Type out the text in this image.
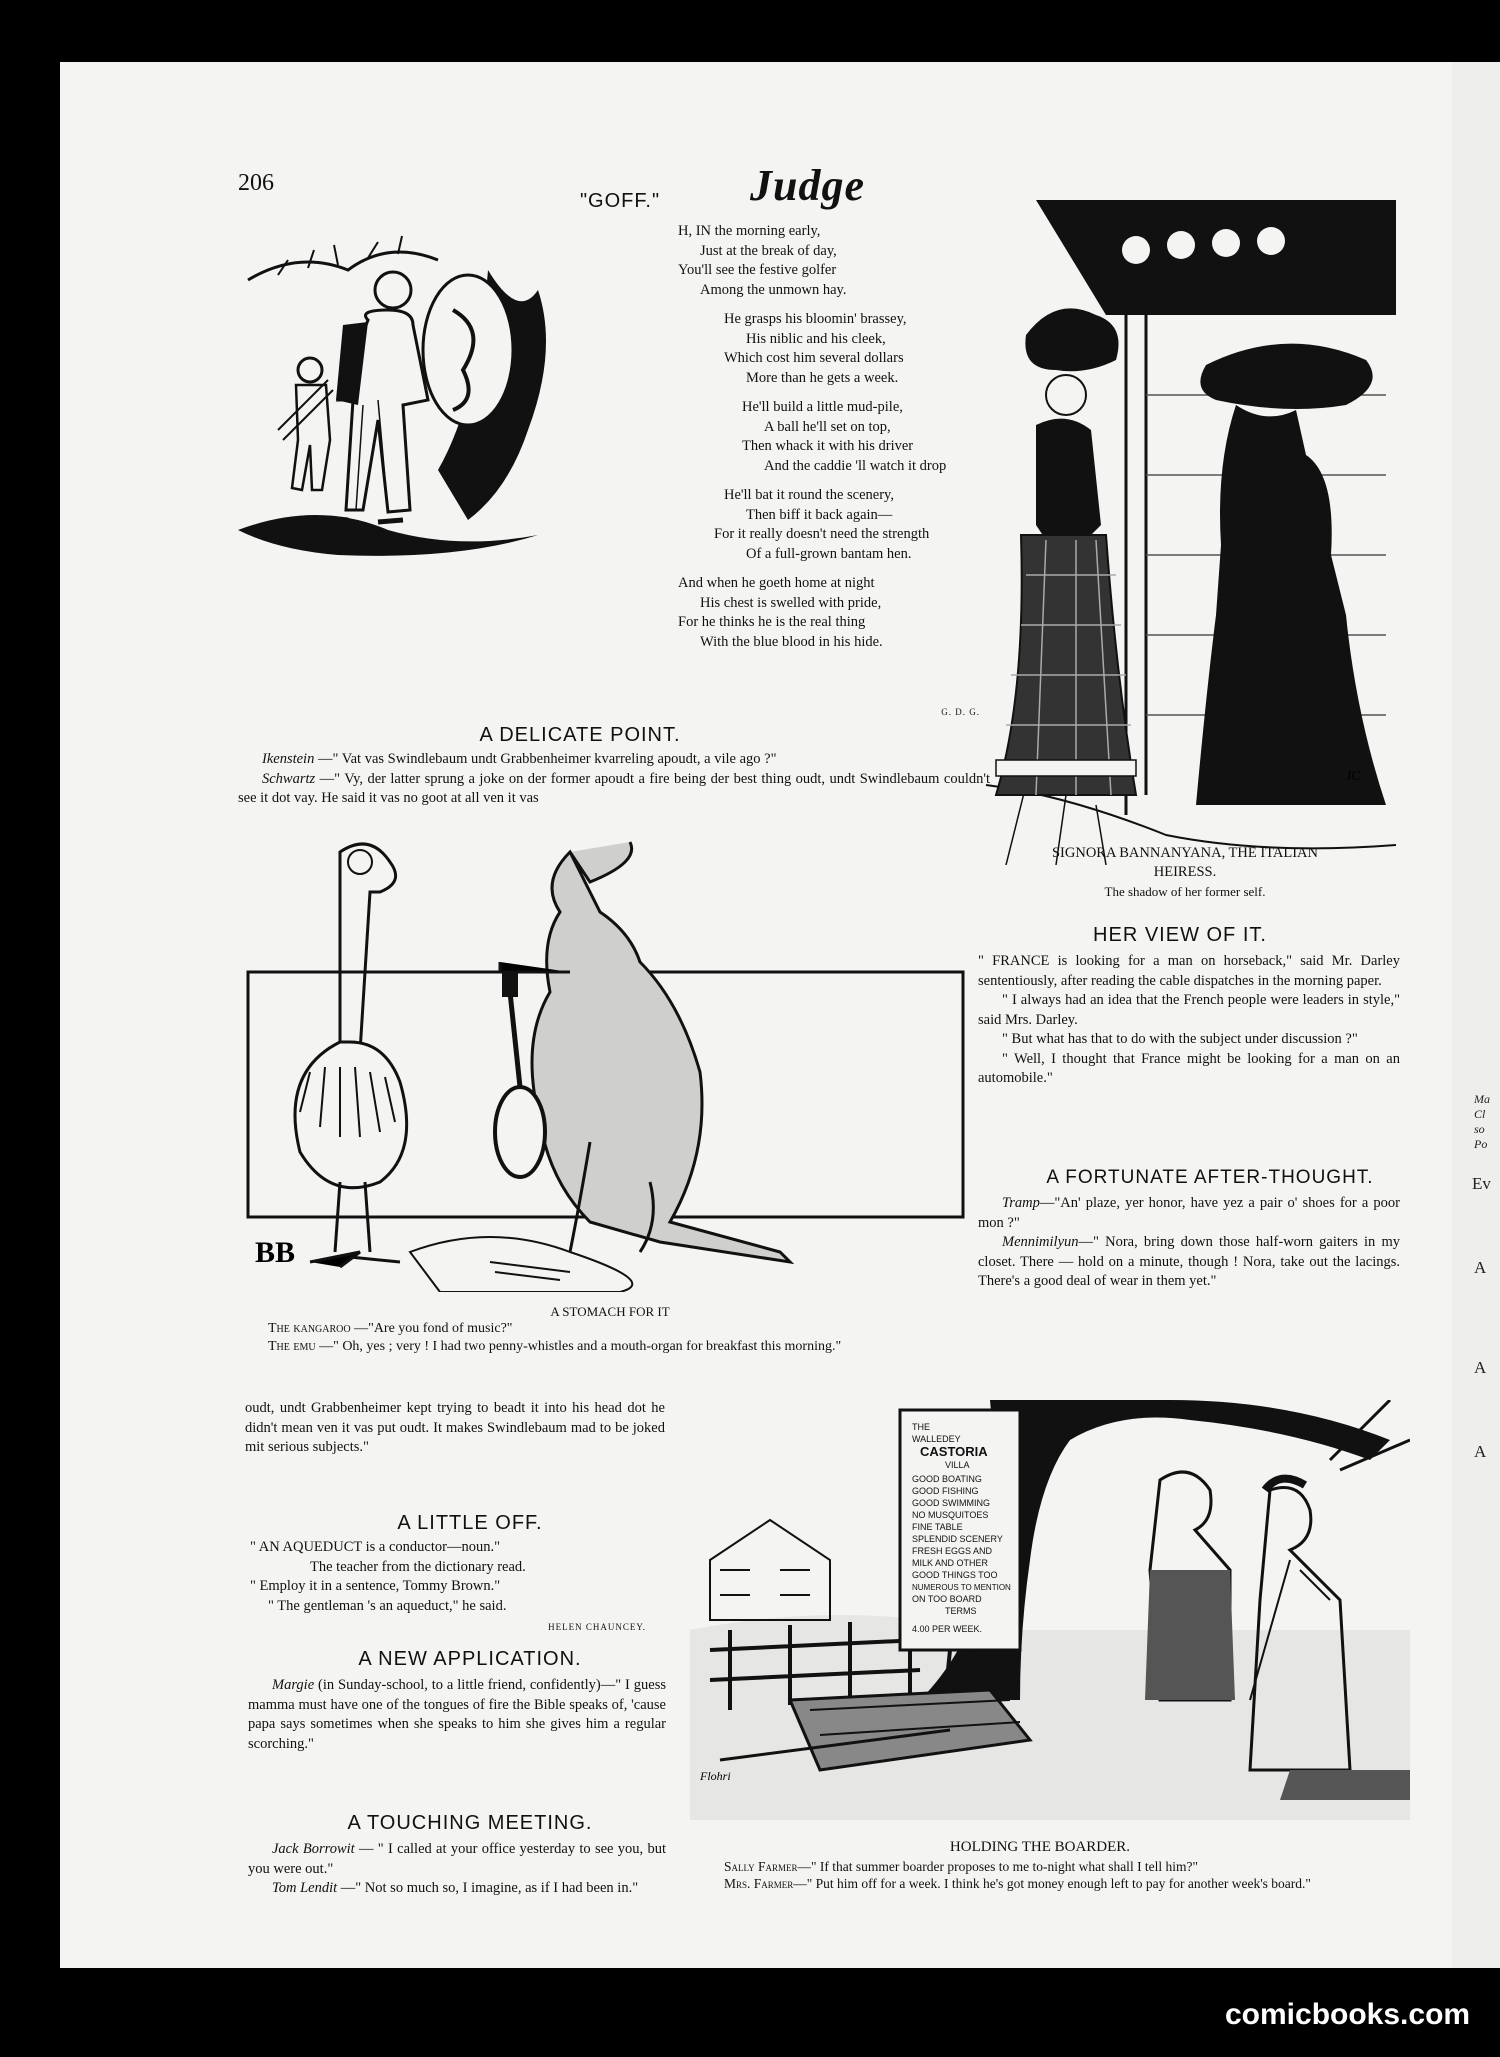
206	Judge
"GOFF."
H, IN the morning early,
Just at the break of day,
You'll see the festive golfer
Among the unmown hay.
He grasps his bloomin' brassey,
His niblic and his cleek,
Which cost him several dollars
More than he gets a week.
He'll build a little mud-pile,
A ball he'll set on top,
Then whack it with his driver
And the caddie 'll watch it drop
He'll bat it round the scenery,
Then biff it back again—
For it really doesn't need the strength
Of a full-grown bantam hen.
And when he goeth home at night
His chest is swelled with pride,
For he thinks he is the real thing
With the blue blood in his hide.
G. D. G.
A DELICATE POINT.

Ikenstein —" Vat vas Swindlebaum undt Grabbenheimer kvarreling apoudt, a vile ago ?"

Schwartz —" Vy, der latter sprung a joke on der former apoudt a fire being der best thing oudt, undt Swindlebaum couldn't see it dot vay. He said it vas no goot at all ven it vas

JC
SIGNORA BANNANYANA, THE ITALIAN
HEIRESS.
The shadow of her former self.
HER VIEW OF IT.

" FRANCE is looking for a man on horseback," said Mr. Darley sententiously, after reading the cable dispatches in the morning paper.

" I always had an idea that the French people were leaders in style," said Mrs. Darley.

" But what has that to do with the subject under discussion ?"

" Well, I thought that France might be looking for a man on an automobile."

BB
A STOMACH FOR IT

The kangaroo —"Are you fond of music?"

The emu —" Oh, yes ; very ! I had two penny-whistles and a mouth-organ for breakfast this morning."

A FORTUNATE AFTER-THOUGHT.

Tramp—"An' plaze, yer honor, have yez a pair o' shoes for a poor mon ?"

Mennimilyun—" Nora, bring down those half-worn gaiters in my closet. There — hold on a minute, though ! Nora, take out the lacings. There's a good deal of wear in them yet."

oudt, undt Grabbenheimer kept trying to beadt it into his head dot he didn't mean ven it vas put oudt. It makes Swindlebaum mad to be joked mit serious subjects."
A LITTLE OFF.
" AN AQUEDUCT is a conductor—noun."
The teacher from the dictionary read.
" Employ it in a sentence, Tommy Brown."
" The gentleman 's an aqueduct," he said.
HELEN CHAUNCEY.
A NEW APPLICATION.

Margie (in Sunday-school, to a little friend, confidently)—" I guess mamma must have one of the tongues of fire the Bible speaks of, 'cause papa says sometimes when she speaks to him she gives him a regular scorching."

A TOUCHING MEETING.

Jack Borrowit — " I called at your office yesterday to see you, but you were out."

Tom Lendit —" Not so much so, I imagine, as if I had been in."

THE
WALLEDEY
CASTORIA
VILLA
GOOD BOATING
GOOD FISHING
GOOD SWIMMING
NO MUSQUITOES
FINE TABLE
SPLENDID SCENERY
FRESH EGGS AND
MILK AND OTHER
GOOD THINGS TOO
NUMEROUS TO MENTION
ON TOO BOARD
TERMS
4.00 PER WEEK.
Flohri
HOLDING THE BOARDER.

Sally Farmer—" If that summer boarder proposes to me to-night what shall I tell him?"

Mrs. Farmer—" Put him off for a week. I think he's got money enough left to pay for another week's board."

Ma
Cl
so
Po
Ev
A
A
A
comicbooks.com
